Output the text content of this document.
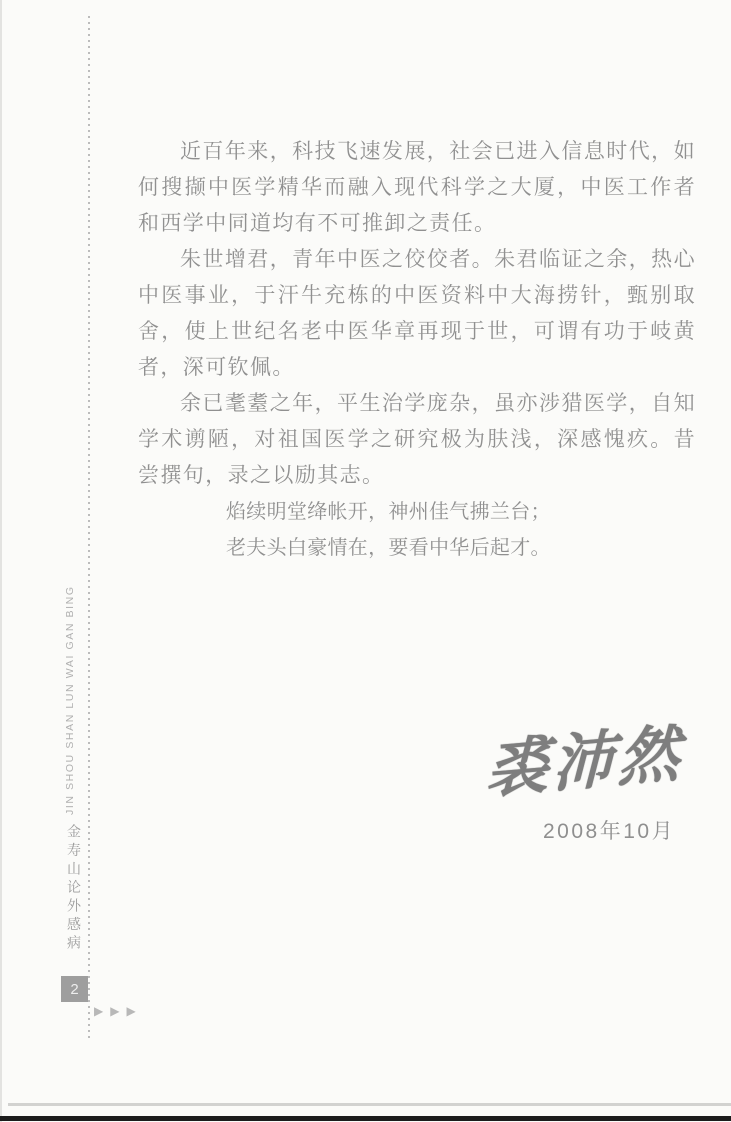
JIN SHOU SHAN LUN WAI GAN BING
金寿山论外感病
2
▶▶▶

近百年来，科技飞速发展，社会已进入信息时代，如何搜撷中医学精华而融入现代科学之大厦，中医工作者和西学中同道均有不可推卸之责任。

朱世增君，青年中医之佼佼者。朱君临证之余，热心中医事业，于汗牛充栋的中医资料中大海捞针，甄别取舍，使上世纪名老中医华章再现于世，可谓有功于岐黄者，深可钦佩。

余已耄耋之年，平生治学庞杂，虽亦涉猎医学，自知学术谫陋，对祖国医学之研究极为肤浅，深感愧疚。昔尝撰句，录之以励其志。

焰续明堂绛帐开，神州佳气拂兰台；
老夫头白豪情在，要看中华后起才。
裘沛然
2008年10月
